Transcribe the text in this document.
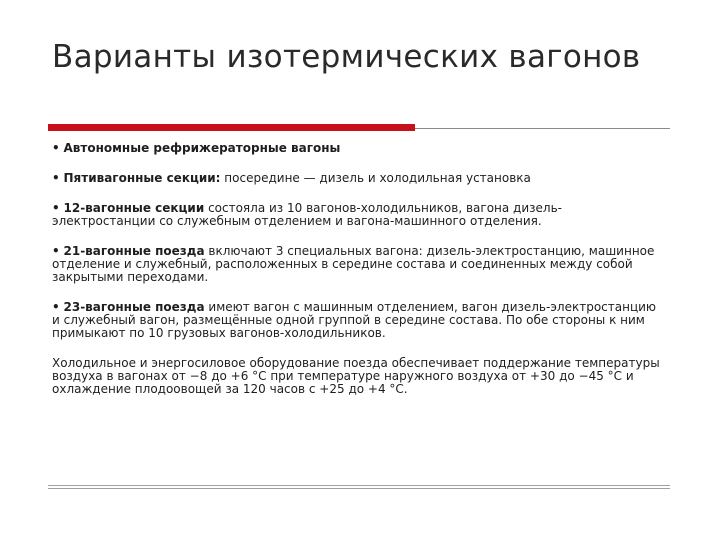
Варианты изотермических вагонов

• Автономные рефрижераторные вагоны

• Пятивагонные секции: посередине — дизель и холодильная установка

• 12-вагонные секции состояла из 10 вагонов-холодильников, вагона дизель-электростанции со служебным отделением и вагона-машинного отделения.

• 21-вагонные поезда включают 3 специальных вагона: дизель-электростанцию, машинное отделение и служебный, расположенных в середине состава и соединенных между собой закрытыми переходами.

• 23-вагонные поезда имеют вагон с машинным отделением, вагон дизель-электростанцию и служебный вагон, размещённые одной группой в середине состава. По обе стороны к ним примыкают по 10 грузовых вагонов-холодильников.

Холодильное и энергосиловое оборудование поезда обеспечивает поддержание температуры воздуха в вагонах от −8 до +6 °С при температуре наружного воздуха от +30 до −45 °С и охлаждение плодоовощей за 120 часов с +25 до +4 °С.
